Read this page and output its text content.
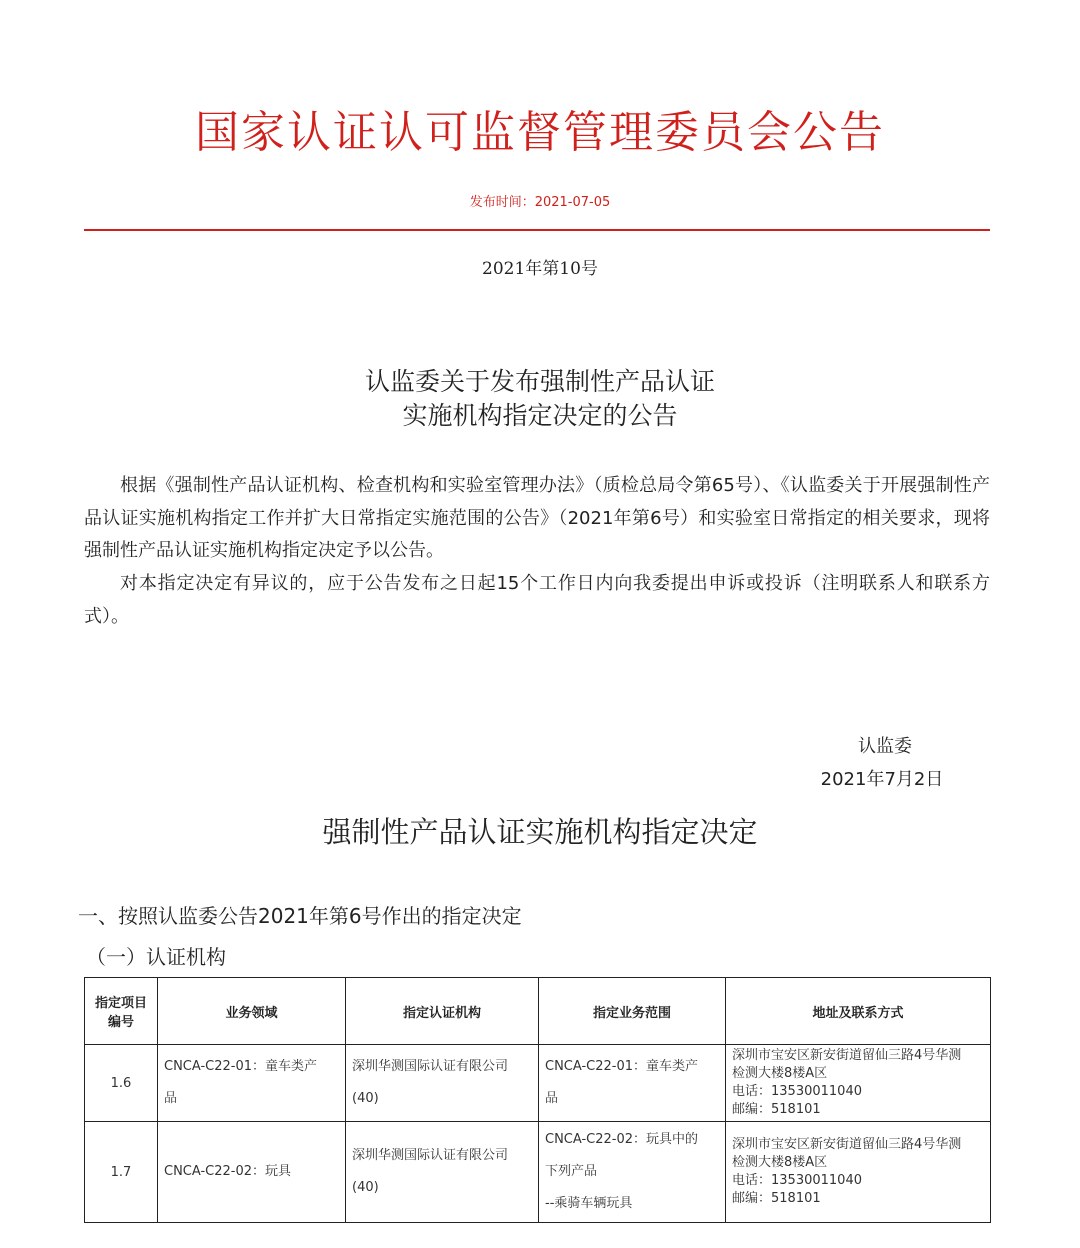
国家认证认可监督管理委员会公告
发布时间：2021-07-05
2021年第10号
认监委关于发布强制性产品认证
实施机构指定决定的公告
根据《强制性产品认证机构、检查机构和实验室管理办法》（质检总局令第65号）、《认监委关于开展强制性产品认证实施机构指定工作并扩大日常指定实施范围的公告》（2021年第6号）和实验室日常指定的相关要求，现将强制性产品认证实施机构指定决定予以公告。
对本指定决定有异议的，应于公告发布之日起15个工作日内向我委提出申诉或投诉（注明联系人和联系方式）。
认监委
2021年7月2日
强制性产品认证实施机构指定决定
一、按照认监委公告2021年第6号作出的指定决定
（一）认证机构
指定项目 编号	业务领域	指定认证机构	指定业务范围	地址及联系方式
1.6	CNCA-C22-01：童车类产
品	深圳华测国际认证有限公司
(40)	CNCA-C22-01：童车类产
品	深圳市宝安区新安街道留仙三路4号华测
检测大楼8楼A区
电话：13530011040
邮编：518101

1.7	CNCA-C22-02：玩具	深圳华测国际认证有限公司
(40)	CNCA-C22-02：玩具中的
下列产品
--乘骑车辆玩具	深圳市宝安区新安街道留仙三路4号华测
检测大楼8楼A区
电话：13530011040
邮编：518101
